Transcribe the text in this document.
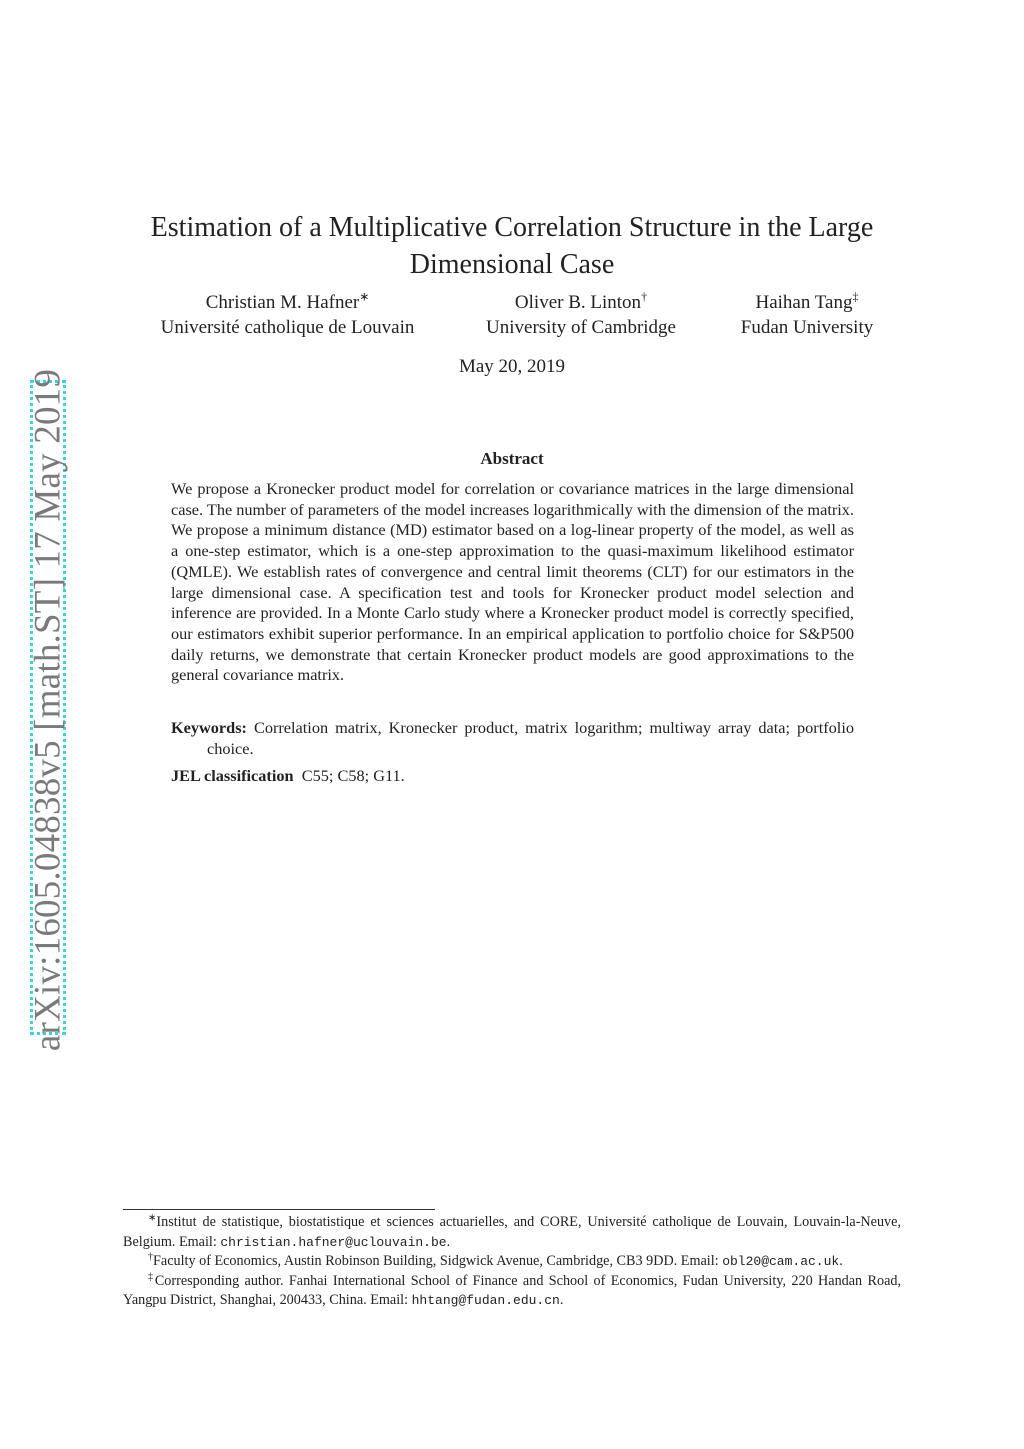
Estimation of a Multiplicative Correlation Structure in the Large Dimensional Case
Christian M. Hafner∗
Université catholique de Louvain
Oliver B. Linton†
University of Cambridge
Haihan Tang‡
Fudan University
May 20, 2019
Abstract

We propose a Kronecker product model for correlation or covariance matrices in the large dimensional case. The number of parameters of the model increases logarithmically with the dimension of the matrix. We propose a minimum distance (MD) estimator based on a log-linear property of the model, as well as a one-step estimator, which is a one-step approximation to the quasi-maximum likelihood estimator (QMLE). We establish rates of convergence and central limit theorems (CLT) for our estimators in the large dimensional case. A specification test and tools for Kronecker product model selection and inference are provided. In a Monte Carlo study where a Kronecker product model is correctly specified, our estimators exhibit superior performance. In an empirical application to portfolio choice for S&P500 daily returns, we demonstrate that certain Kronecker product models are good approximations to the general covariance matrix.

Keywords: Correlation matrix, Kronecker product, matrix logarithm; multiway array data; portfolio choice.

JEL classification C55; C58; G11.

arXiv:1605.04838v5 [math.ST] 17 May 2019

∗Institut de statistique, biostatistique et sciences actuarielles, and CORE, Université catholique de Louvain, Louvain-la-Neuve, Belgium. Email: christian.hafner@uclouvain.be.

†Faculty of Economics, Austin Robinson Building, Sidgwick Avenue, Cambridge, CB3 9DD. Email: obl20@cam.ac.uk.

‡Corresponding author. Fanhai International School of Finance and School of Economics, Fudan University, 220 Handan Road, Yangpu District, Shanghai, 200433, China. Email: hhtang@fudan.edu.cn.
